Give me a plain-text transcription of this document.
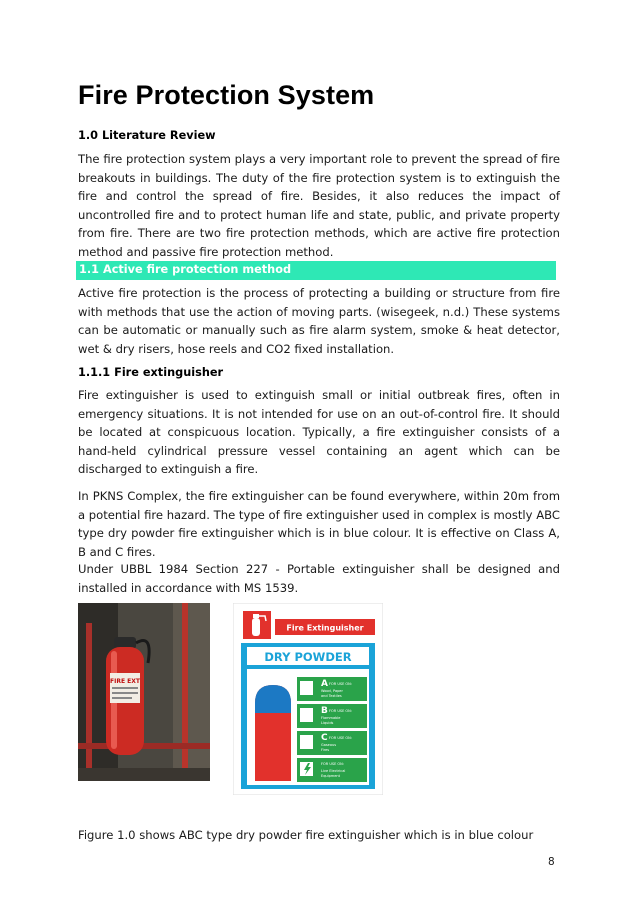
Fire Protection System
1.0 Literature Review

The fire protection system plays a very important role to prevent the spread of fire breakouts in buildings. The duty of the fire protection system is to extinguish the fire and control the spread of fire. Besides, it also reduces the impact of uncontrolled fire and to protect human life and state, public, and private property from fire. There are two fire protection methods, which are active fire protection method and passive fire protection method.

1.1 Active fire protection method

Active fire protection is the process of protecting a building or structure from fire with methods that use the action of moving parts. (wisegeek, n.d.) These systems can be automatic or manually such as fire alarm system, smoke & heat detector, wet & dry risers, hose reels and CO2 fixed installation.

1.1.1 Fire extinguisher

Fire extinguisher is used to extinguish small or initial outbreak fires, often in emergency situations. It is not intended for use on an out-of-control fire. It should be located at conspicuous location. Typically, a fire extinguisher consists of a hand-held cylindrical pressure vessel containing an agent which can be discharged to extinguish a fire.

In PKNS Complex, the fire extinguisher can be found everywhere, within 20m from a potential fire hazard. The type of fire extinguisher used in complex is mostly ABC type dry powder fire extinguisher which is in blue colour. It is effective on Class A, B and C fires.

Under UBBL 1984 Section 227 - Portable extinguisher shall be designed and installed in accordance with MS 1539.

FIRE EXT
Fire Extinguisher
DRY POWDER
A FOR USE ON:
Wood, Paper
and Textiles
B FOR USE ON:
Flammable
Liquids
C FOR USE ON:
Gaseous
Fires
FOR USE ON:
Live Electrical
Equipment

Figure 1.0 shows ABC type dry powder fire extinguisher which is in blue colour

8
